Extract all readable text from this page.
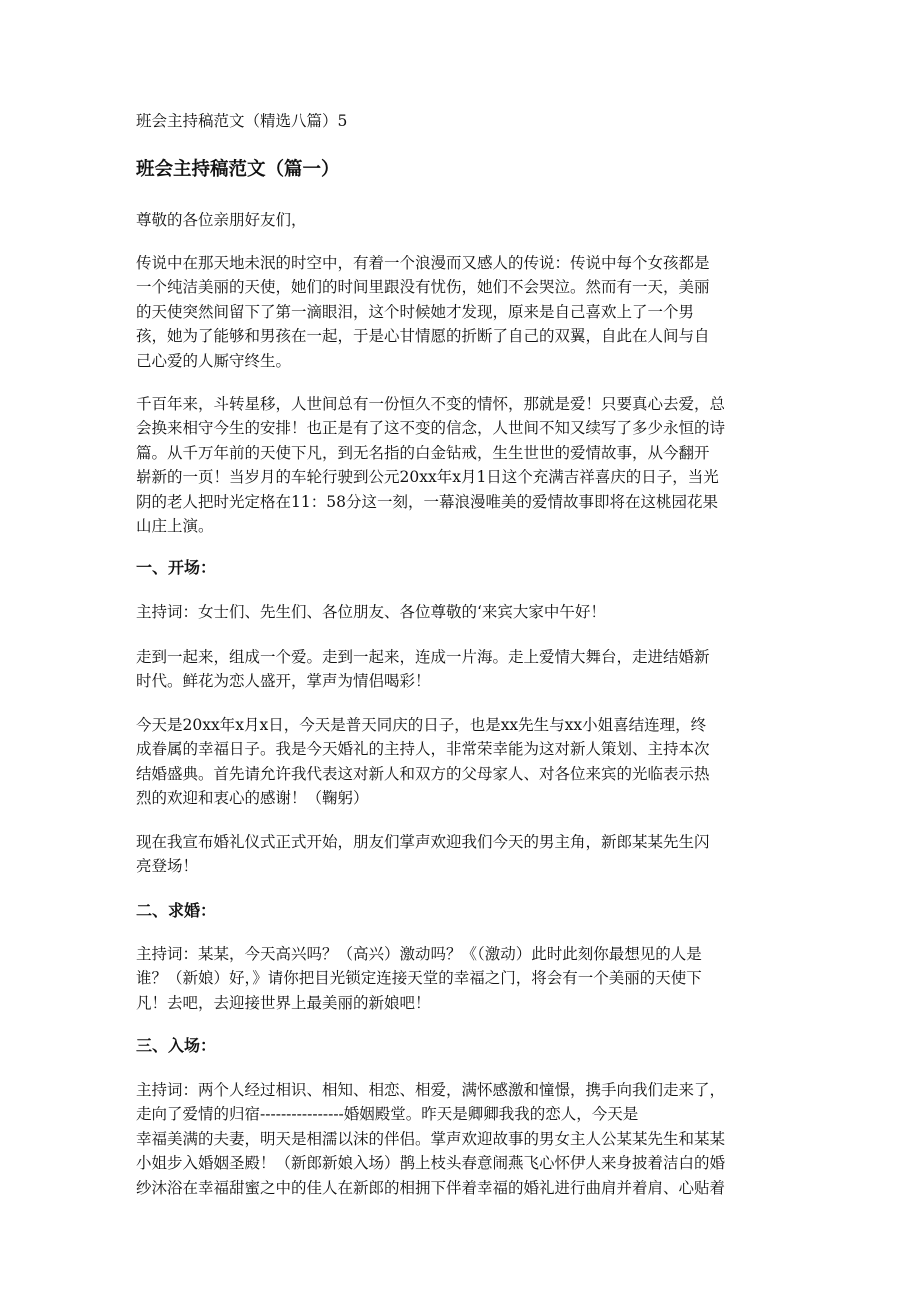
班会主持稿范文（精选八篇）5
班会主持稿范文（篇一）
尊敬的各位亲朋好友们，
传说中在那天地未泯的时空中，有着一个浪漫而又感人的传说：传说中每个女孩都是
一个纯洁美丽的天使，她们的时间里跟没有忧伤，她们不会哭泣。然而有一天，美丽
的天使突然间留下了第一滴眼泪，这个时候她才发现，原来是自己喜欢上了一个男
孩，她为了能够和男孩在一起，于是心甘情愿的折断了自己的双翼，自此在人间与自
己心爱的人厮守终生。
千百年来，斗转星移，人世间总有一份恒久不变的情怀，那就是爱！只要真心去爱，总
会换来相守今生的安排！也正是有了这不变的信念，人世间不知又续写了多少永恒的诗
篇。从千万年前的天使下凡，到无名指的白金钻戒，生生世世的爱情故事，从今翻开
崭新的一页！当岁月的车轮行驶到公元20xx年x月1日这个充满吉祥喜庆的日子，当光
阴的老人把时光定格在11：58分这一刻，一幕浪漫唯美的爱情故事即将在这桃园花果
山庄上演。
一、开场：
主持词：女士们、先生们、各位朋友、各位尊敬的‘来宾大家中午好！
走到一起来，组成一个爱。走到一起来，连成一片海。走上爱情大舞台，走进结婚新
时代。鲜花为恋人盛开，掌声为情侣喝彩！
今天是20xx年x月x日，今天是普天同庆的日子，也是xx先生与xx小姐喜结连理，终
成眷属的幸福日子。我是今天婚礼的主持人，非常荣幸能为这对新人策划、主持本次
结婚盛典。首先请允许我代表这对新人和双方的父母家人、对各位来宾的光临表示热
烈的欢迎和衷心的感谢！（鞠躬）
现在我宣布婚礼仪式正式开始，朋友们掌声欢迎我们今天的男主角，新郎某某先生闪
亮登场！
二、求婚：
主持词：某某，今天高兴吗？（高兴）激动吗？《（激动）此时此刻你最想见的人是
谁？（新娘）好，》请你把目光锁定连接天堂的幸福之门，将会有一个美丽的天使下
凡！去吧，去迎接世界上最美丽的新娘吧！
三、入场：
主持词：两个人经过相识、相知、相恋、相爱，满怀感激和憧憬，携手向我们走来了，
走向了爱情的归宿----------------婚姻殿堂。昨天是卿卿我我的恋人，今天是
幸福美满的夫妻，明天是相濡以沫的伴侣。掌声欢迎故事的男女主人公某某先生和某某
小姐步入婚姻圣殿！（新郎新娘入场）鹊上枝头春意闹燕飞心怀伊人来身披着洁白的婚
纱沐浴在幸福甜蜜之中的佳人在新郎的相拥下伴着幸福的婚礼进行曲肩并着肩、心贴着
